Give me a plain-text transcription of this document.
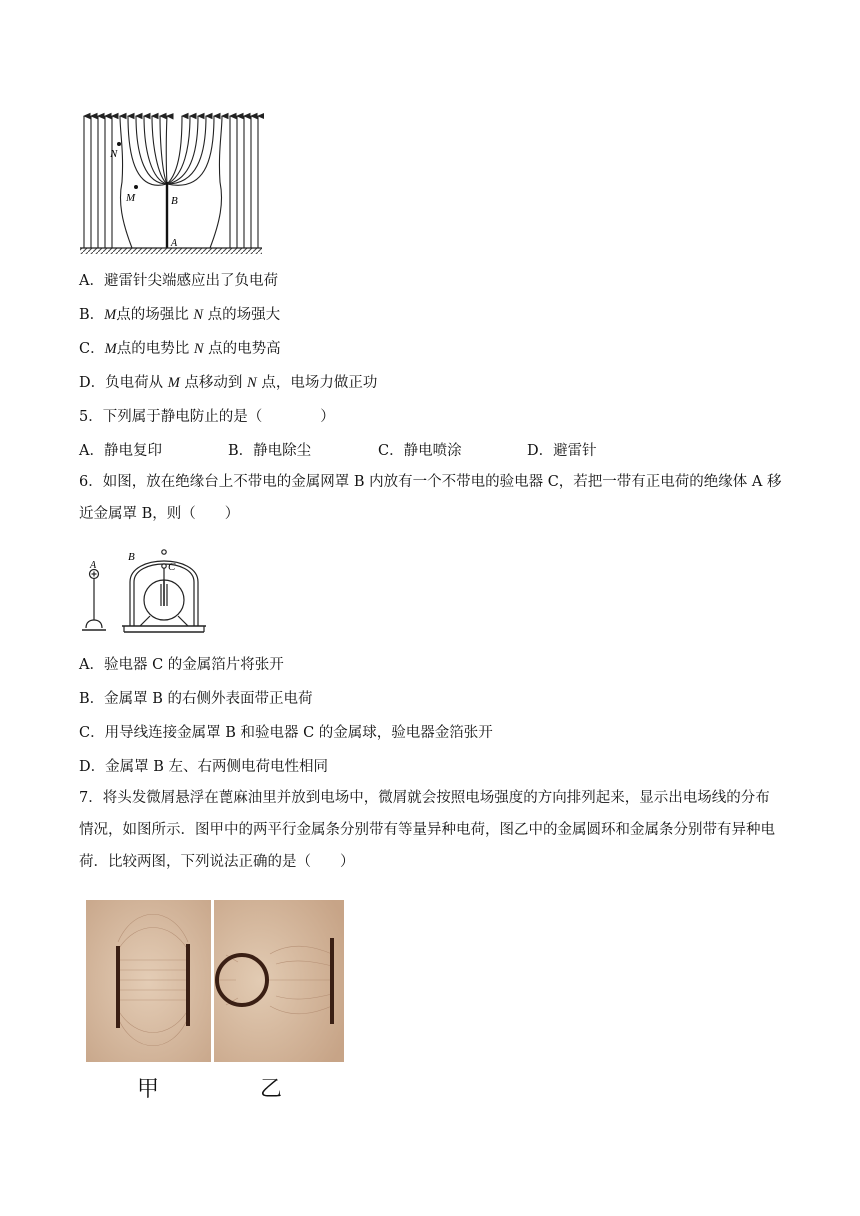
N
M	B
A
A．避雷针尖端感应出了负电荷
B．M点的场强比 N 点的场强大
C．M点的电势比 N 点的电势高
D．负电荷从 M 点移动到 N 点，电场力做正功
5．下列属于静电防止的是（　　　　）
A．静电复印	B．静电除尘	C．静电喷涂	D．避雷针
6．如图，放在绝缘台上不带电的金属网罩 B 内放有一个不带电的验电器 C，若把一带有正电荷的绝缘体 A 移近金属罩 B，则（　　）
A
B
C
A．验电器 C 的金属箔片将张开
B．金属罩 B 的右侧外表面带正电荷
C．用导线连接金属罩 B 和验电器 C 的金属球，验电器金箔张开
D．金属罩 B 左、右两侧电荷电性相同
7．将头发微屑悬浮在蓖麻油里并放到电场中，微屑就会按照电场强度的方向排列起来，显示出电场线的分布情况，如图所示．图甲中的两平行金属条分别带有等量异种电荷，图乙中的金属圆环和金属条分别带有异种电荷．比较两图，下列说法正确的是（　　）
甲	乙
